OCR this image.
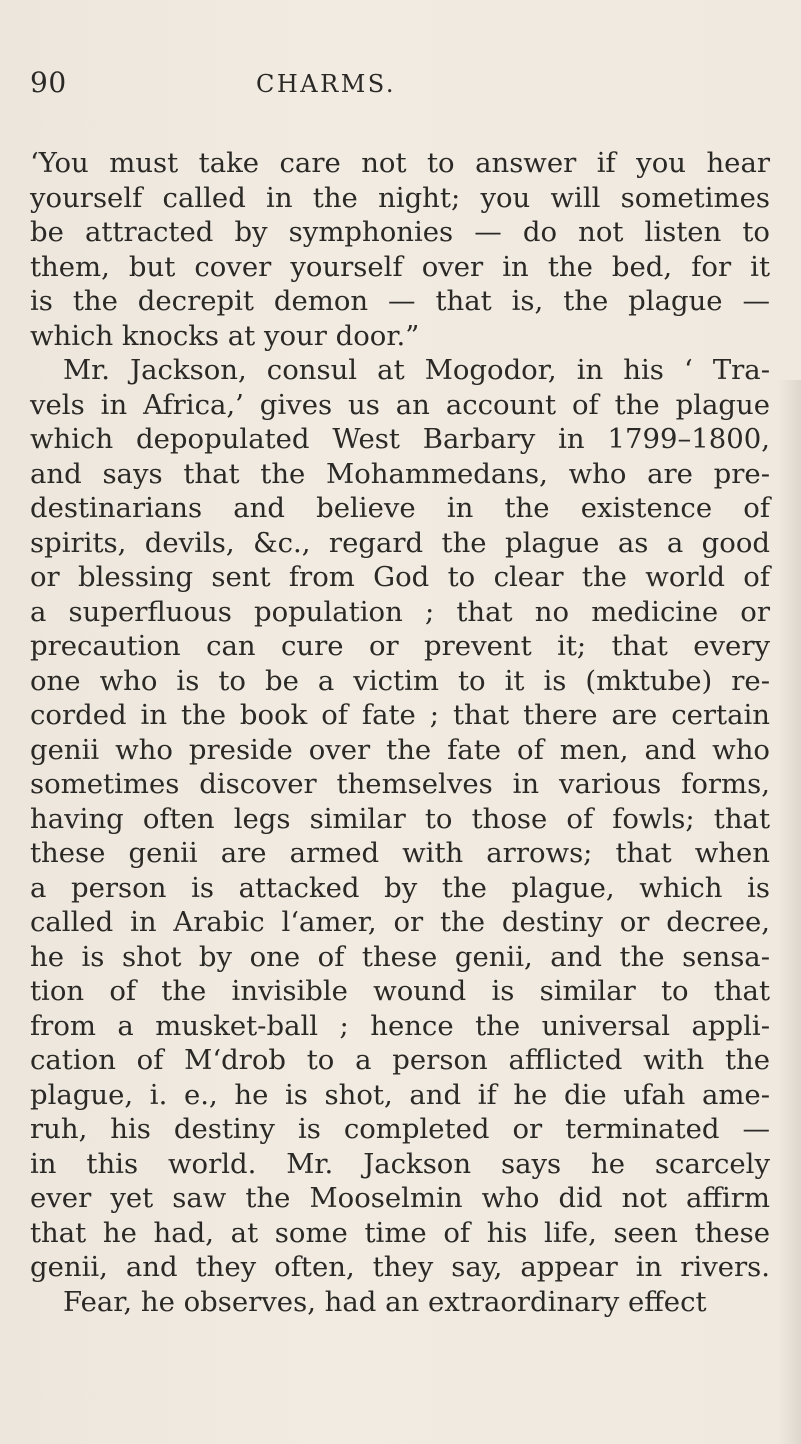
90	CHARMS.
‘You must take care not to answer if you hear
yourself called in the night; you will sometimes
be attracted by symphonies — do not listen to
them, but cover yourself over in the bed, for it
is the decrepit demon — that is, the plague —
which knocks at your door.”
Mr. Jackson, consul at Mogodor, in his ‘ Tra-
vels in Africa,’ gives us an account of the plague
which depopulated West Barbary in 1799–1800,
and says that the Mohammedans, who are pre-
destinarians and believe in the existence of
spirits, devils, &c., regard the plague as a good
or blessing sent from God to clear the world of
a superfluous population ; that no medicine or
precaution can cure or prevent it; that every
one who is to be a victim to it is (mktube) re-
corded in the book of fate ; that there are certain
genii who preside over the fate of men, and who
sometimes discover themselves in various forms,
having often legs similar to those of fowls; that
these genii are armed with arrows; that when
a person is attacked by the plague, which is
called in Arabic l‘amer, or the destiny or decree,
he is shot by one of these genii, and the sensa-
tion of the invisible wound is similar to that
from a musket-ball ; hence the universal appli-
cation of M‘drob to a person afflicted with the
plague, i. e., he is shot, and if he die ufah ame-
ruh, his destiny is completed or terminated —
in this world. Mr. Jackson says he scarcely
ever yet saw the Mooselmin who did not affirm
that he had, at some time of his life, seen these
genii, and they often, they say, appear in rivers.
Fear, he observes, had an extraordinary effect
